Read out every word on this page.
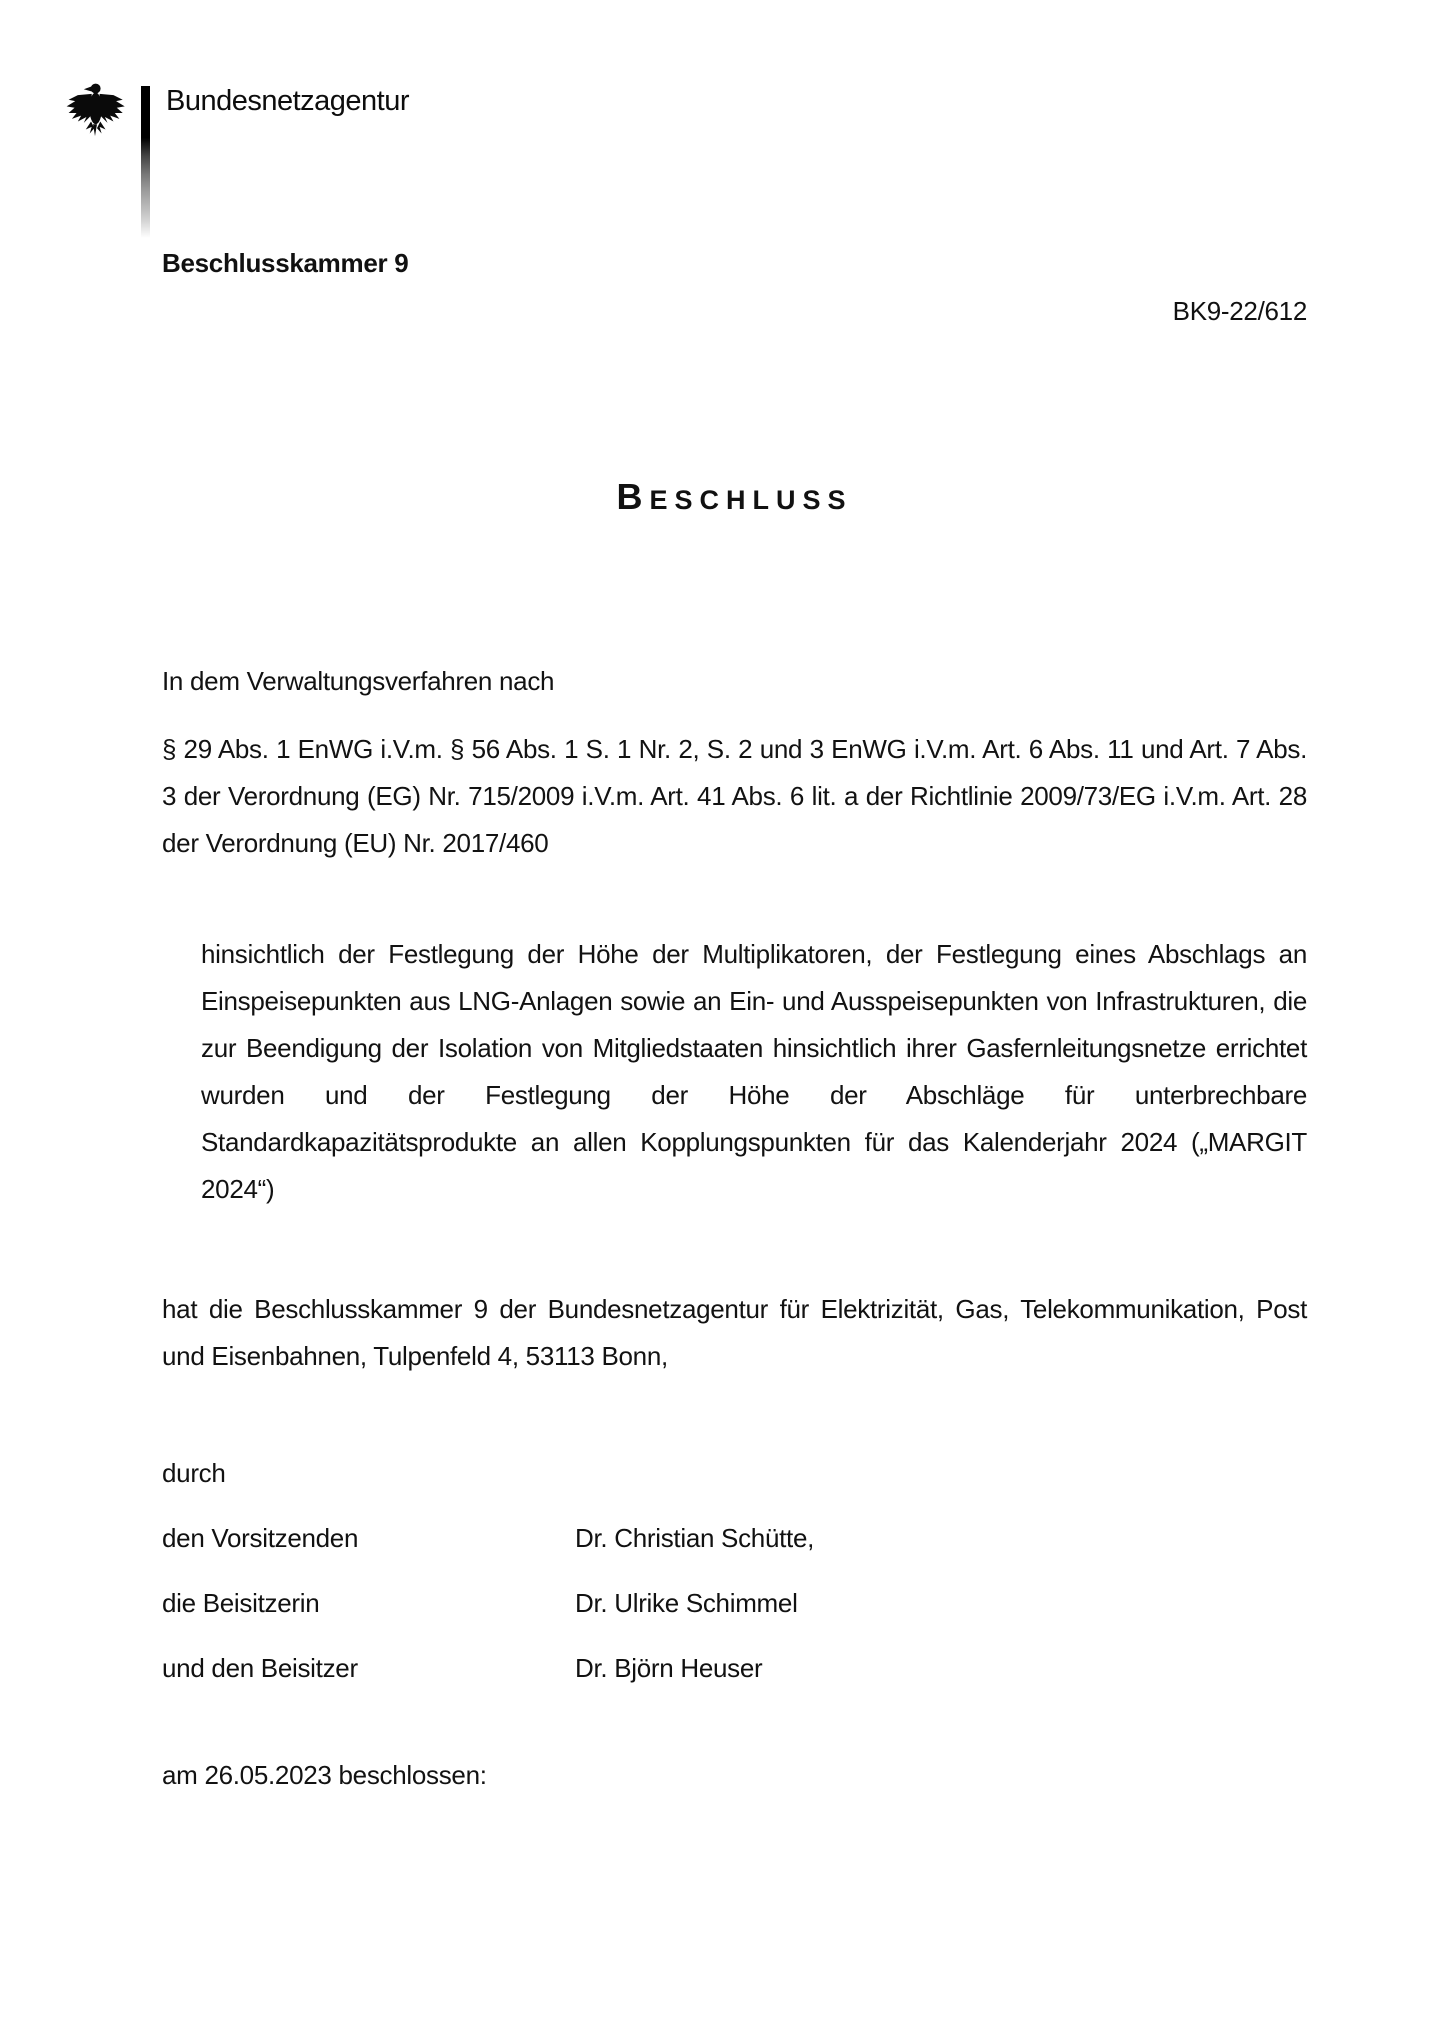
Bundesnetzagentur
Beschlusskammer 9
BK9-22/612
BESCHLUSS
In dem Verwaltungsverfahren nach
§ 29 Abs. 1 EnWG i.V.m. § 56 Abs. 1 S. 1 Nr. 2, S. 2 und 3 EnWG i.V.m. Art. 6 Abs. 11 und Art. 7 Abs. 3 der Verordnung (EG) Nr. 715/2009 i.V.m. Art. 41 Abs. 6 lit. a der Richtlinie 2009/73/EG i.V.m. Art. 28 der Verordnung (EU) Nr. 2017/460
hinsichtlich der Festlegung der Höhe der Multiplikatoren, der Festlegung eines Abschlags an Einspeisepunkten aus LNG-Anlagen sowie an Ein- und Ausspeisepunkten von Infrastrukturen, die zur Beendigung der Isolation von Mitgliedstaaten hinsichtlich ihrer Gasfernleitungsnetze errichtet wurden und der Festlegung der Höhe der Abschläge für unterbrechbare Standardkapazitätsprodukte an allen Kopplungspunkten für das Kalenderjahr 2024 („MARGIT 2024“)
hat die Beschlusskammer 9 der Bundesnetzagentur für Elektrizität, Gas, Telekommunikation, Post und Eisenbahnen, Tulpenfeld 4, 53113 Bonn,
durch
den Vorsitzenden	Dr. Christian Schütte,
die Beisitzerin	Dr. Ulrike Schimmel
und den Beisitzer	Dr. Björn Heuser
am 26.05.2023 beschlossen:
